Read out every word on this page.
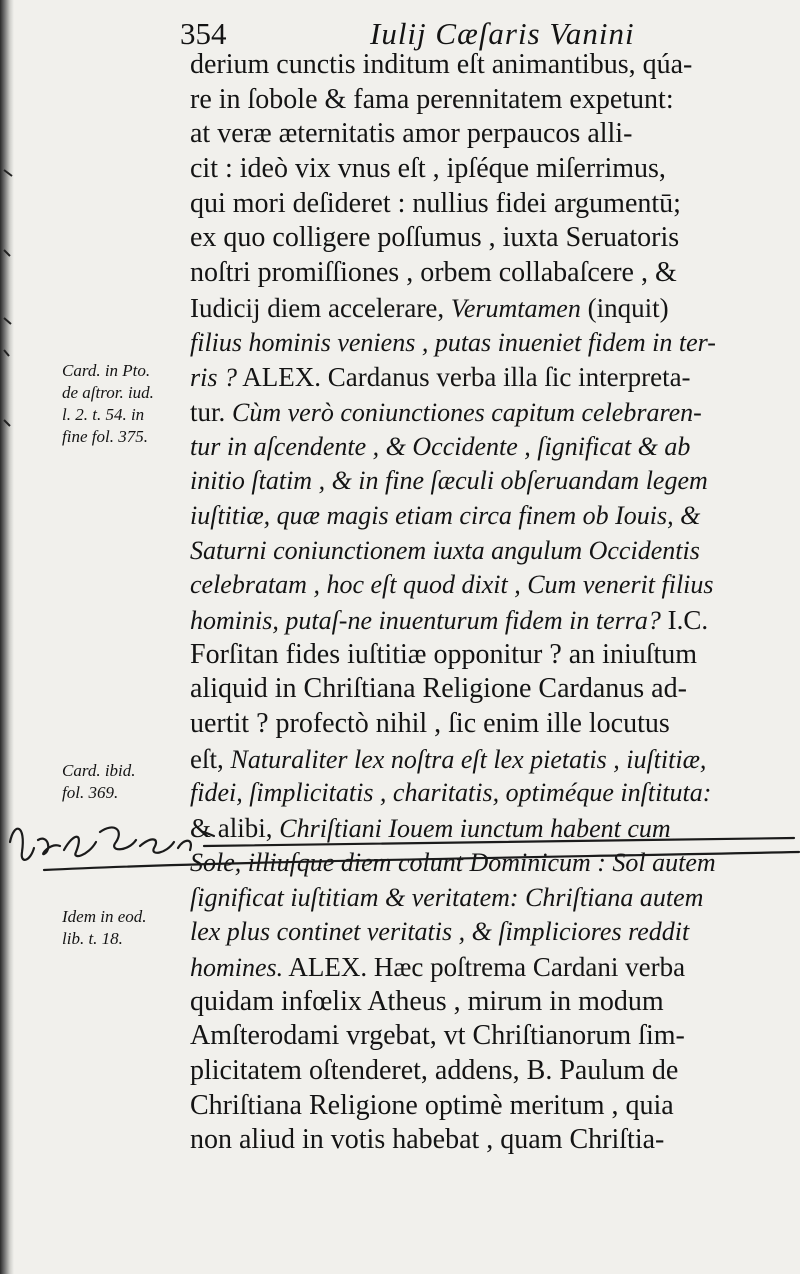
354	Iulij Cæſaris Vanini
derium cunctis inditum eſt animantibus, qúa-
re in ſobole & fama perennitatem expetunt:
at veræ æternitatis amor perpaucos alli-
cit : ideò vix vnus eſt , ipſéque miſerrimus,
qui mori deſideret : nullius fidei argumentū;
ex quo colligere poſſumus , iuxta Seruatoris
noſtri promiſſiones , orbem collabaſcere , &
Iudicij diem accelerare, Verumtamen (inquit)
filius hominis veniens , putas inueniet fidem in ter-
ris ? ALEX. Cardanus verba illa ſic interpreta-
tur. Cùm verò coniunctiones capitum celebraren-
tur in aſcendente , & Occidente , ſignificat & ab
initio ſtatim , & in fine ſæculi obſeruandam legem
iuſtitiæ, quæ magis etiam circa finem ob Iouis, &
Saturni coniunctionem iuxta angulum Occidentis
celebratam , hoc eſt quod dixit , Cum venerit filius
hominis, putaſ-ne inuenturum fidem in terra? I.C.
Forſitan fides iuſtitiæ opponitur ? an iniuſtum
aliquid in Chriſtiana Religione Cardanus ad-
uertit ? profectò nihil , ſic enim ille locutus
eſt, Naturaliter lex noſtra eſt lex pietatis , iuſtitiæ,
fidei, ſimplicitatis , charitatis, optiméque inſtituta:
& alibi, Chriſtiani Iouem iunctum habent cum
Sole, illiuſque diem colunt Dominicum : Sol autem
ſignificat iuſtitiam & veritatem: Chriſtiana autem
lex plus continet veritatis , & ſimpliciores reddit
homines. ALEX. Hæc poſtrema Cardani verba
quidam infœlix Atheus , mirum in modum
Amſterodami vrgebat, vt Chriſtianorum ſim-
plicitatem oſtenderet, addens, B. Paulum de
Chriſtiana Religione optimè meritum , quia
non aliud in votis habebat , quam Chriſtia-
Card. in Pto.
de aſtror. iud.
l. 2. t. 54. in
fine fol. 375.
Card. ibid.
fol. 369.
Idem in eod.
lib. t. 18.
